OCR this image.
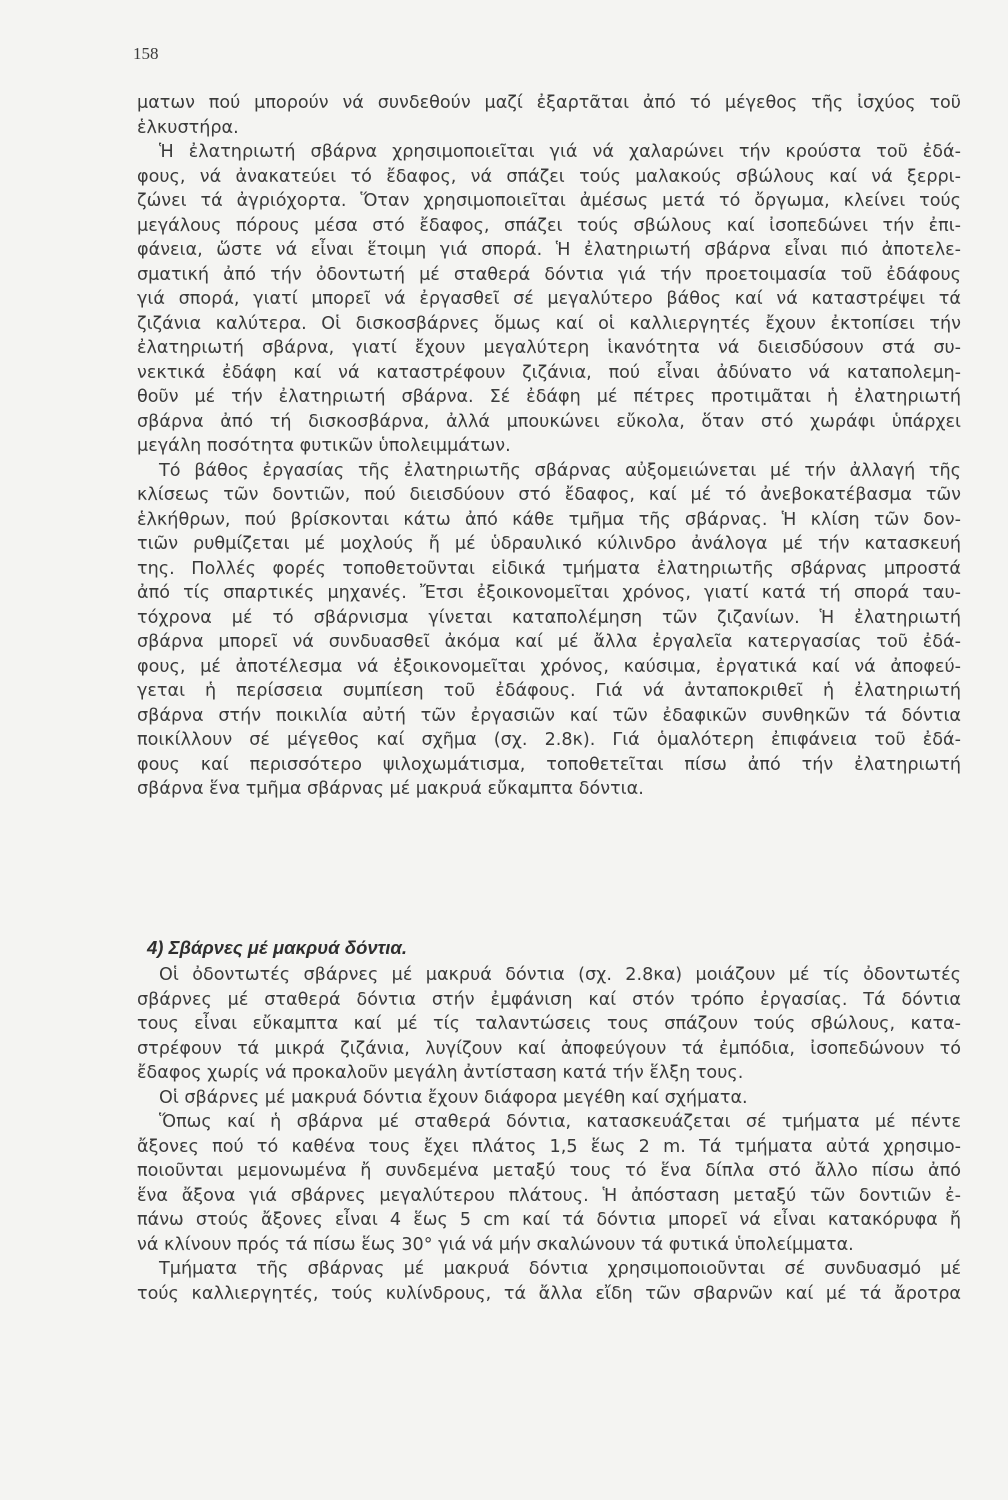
158
ματων πού μπορούν νά συνδεθούν μαζί ἐξαρτᾶται ἀπό τό μέγεθος τῆς ἰσχύος τοῦ
ἑλκυστήρα.
Ἡ ἐλατηριωτή σβάρνα χρησιμοποιεῖται γιά νά χαλαρώνει τήν κρούστα τοῦ ἐδά-
φους, νά ἀνακατεύει τό ἔδαφος, νά σπάζει τούς μαλακούς σβώλους καί νά ξερρι-
ζώνει τά ἀγριόχορτα. Ὅταν χρησιμοποιεῖται ἀμέσως μετά τό ὄργωμα, κλείνει τούς
μεγάλους πόρους μέσα στό ἔδαφος, σπάζει τούς σβώλους καί ἰσοπεδώνει τήν ἐπι-
φάνεια, ὥστε νά εἶναι ἕτοιμη γιά σπορά. Ἡ ἐλατηριωτή σβάρνα εἶναι πιό ἀποτελε-
σματική ἀπό τήν ὀδοντωτή μέ σταθερά δόντια γιά τήν προετοιμασία τοῦ ἐδάφους
γιά σπορά, γιατί μπορεῖ νά ἐργασθεῖ σέ μεγαλύτερο βάθος καί νά καταστρέψει τά
ζιζάνια καλύτερα. Οἱ δισκοσβάρνες ὅμως καί οἱ καλλιεργητές ἔχουν ἐκτοπίσει τήν
ἐλατηριωτή σβάρνα, γιατί ἔχουν μεγαλύτερη ἱκανότητα νά διεισδύσουν στά συ-
νεκτικά ἐδάφη καί νά καταστρέφουν ζιζάνια, πού εἶναι ἀδύνατο νά καταπολεμη-
θοῦν μέ τήν ἐλατηριωτή σβάρνα. Σέ ἐδάφη μέ πέτρες προτιμᾶται ἡ ἐλατηριωτή
σβάρνα ἀπό τή δισκοσβάρνα, ἀλλά μπουκώνει εὔκολα, ὅταν στό χωράφι ὑπάρχει
μεγάλη ποσότητα φυτικῶν ὑπολειμμάτων.
Τό βάθος ἐργασίας τῆς ἐλατηριωτῆς σβάρνας αὐξομειώνεται μέ τήν ἀλλαγή τῆς
κλίσεως τῶν δοντιῶν, πού διεισδύουν στό ἔδαφος, καί μέ τό ἀνεβοκατέβασμα τῶν
ἑλκήθρων, πού βρίσκονται κάτω ἀπό κάθε τμῆμα τῆς σβάρνας. Ἡ κλίση τῶν δον-
τιῶν ρυθμίζεται μέ μοχλούς ἤ μέ ὑδραυλικό κύλινδρο ἀνάλογα μέ τήν κατασκευή
της. Πολλές φορές τοποθετοῦνται εἰδικά τμήματα ἐλατηριωτῆς σβάρνας μπροστά
ἀπό τίς σπαρτικές μηχανές. Ἔτσι ἐξοικονομεῖται χρόνος, γιατί κατά τή σπορά ταυ-
τόχρονα μέ τό σβάρνισμα γίνεται καταπολέμηση τῶν ζιζανίων. Ἡ ἐλατηριωτή
σβάρνα μπορεῖ νά συνδυασθεῖ ἀκόμα καί μέ ἄλλα ἐργαλεῖα κατεργασίας τοῦ ἐδά-
φους, μέ ἀποτέλεσμα νά ἐξοικονομεῖται χρόνος, καύσιμα, ἐργατικά καί νά ἀποφεύ-
γεται ἡ περίσσεια συμπίεση τοῦ ἐδάφους. Γιά νά ἀνταποκριθεῖ ἡ ἐλατηριωτή
σβάρνα στήν ποικιλία αὐτή τῶν ἐργασιῶν καί τῶν ἐδαφικῶν συνθηκῶν τά δόντια
ποικίλλουν σέ μέγεθος καί σχῆμα (σχ. 2.8κ). Γιά ὁμαλότερη ἐπιφάνεια τοῦ ἐδά-
φους καί περισσότερο ψιλοχωμάτισμα, τοποθετεῖται πίσω ἀπό τήν ἐλατηριωτή
σβάρνα ἕνα τμῆμα σβάρνας μέ μακρυά εὔκαμπτα δόντια.
4) Σβάρνες μέ μακρυά δόντια.
Οἱ ὀδοντωτές σβάρνες μέ μακρυά δόντια (σχ. 2.8κα) μοιάζουν μέ τίς ὀδοντωτές
σβάρνες μέ σταθερά δόντια στήν ἐμφάνιση καί στόν τρόπο ἐργασίας. Τά δόντια
τους εἶναι εὔκαμπτα καί μέ τίς ταλαντώσεις τους σπάζουν τούς σβώλους, κατα-
στρέφουν τά μικρά ζιζάνια, λυγίζουν καί ἀποφεύγουν τά ἐμπόδια, ἰσοπεδώνουν τό
ἔδαφος χωρίς νά προκαλοῦν μεγάλη ἀντίσταση κατά τήν ἕλξη τους.
Οἱ σβάρνες μέ μακρυά δόντια ἔχουν διάφορα μεγέθη καί σχήματα.
Ὅπως καί ἡ σβάρνα μέ σταθερά δόντια, κατασκευάζεται σέ τμήματα μέ πέντε
ἄξονες πού τό καθένα τους ἔχει πλάτος 1,5 ἕως 2 m. Τά τμήματα αὐτά χρησιμο-
ποιοῦνται μεμονωμένα ἤ συνδεμένα μεταξύ τους τό ἕνα δίπλα στό ἄλλο πίσω ἀπό
ἕνα ἄξονα γιά σβάρνες μεγαλύτερου πλάτους. Ἡ ἀπόσταση μεταξύ τῶν δοντιῶν ἐ-
πάνω στούς ἄξονες εἶναι 4 ἕως 5 cm καί τά δόντια μπορεῖ νά εἶναι κατακόρυφα ἤ
νά κλίνουν πρός τά πίσω ἕως 30° γιά νά μήν σκαλώνουν τά φυτικά ὑπολείμματα.
Τμήματα τῆς σβάρνας μέ μακρυά δόντια χρησιμοποιοῦνται σέ συνδυασμό μέ
τούς καλλιεργητές, τούς κυλίνδρους, τά ἄλλα εἴδη τῶν σβαρνῶν καί μέ τά ἄροτρα
